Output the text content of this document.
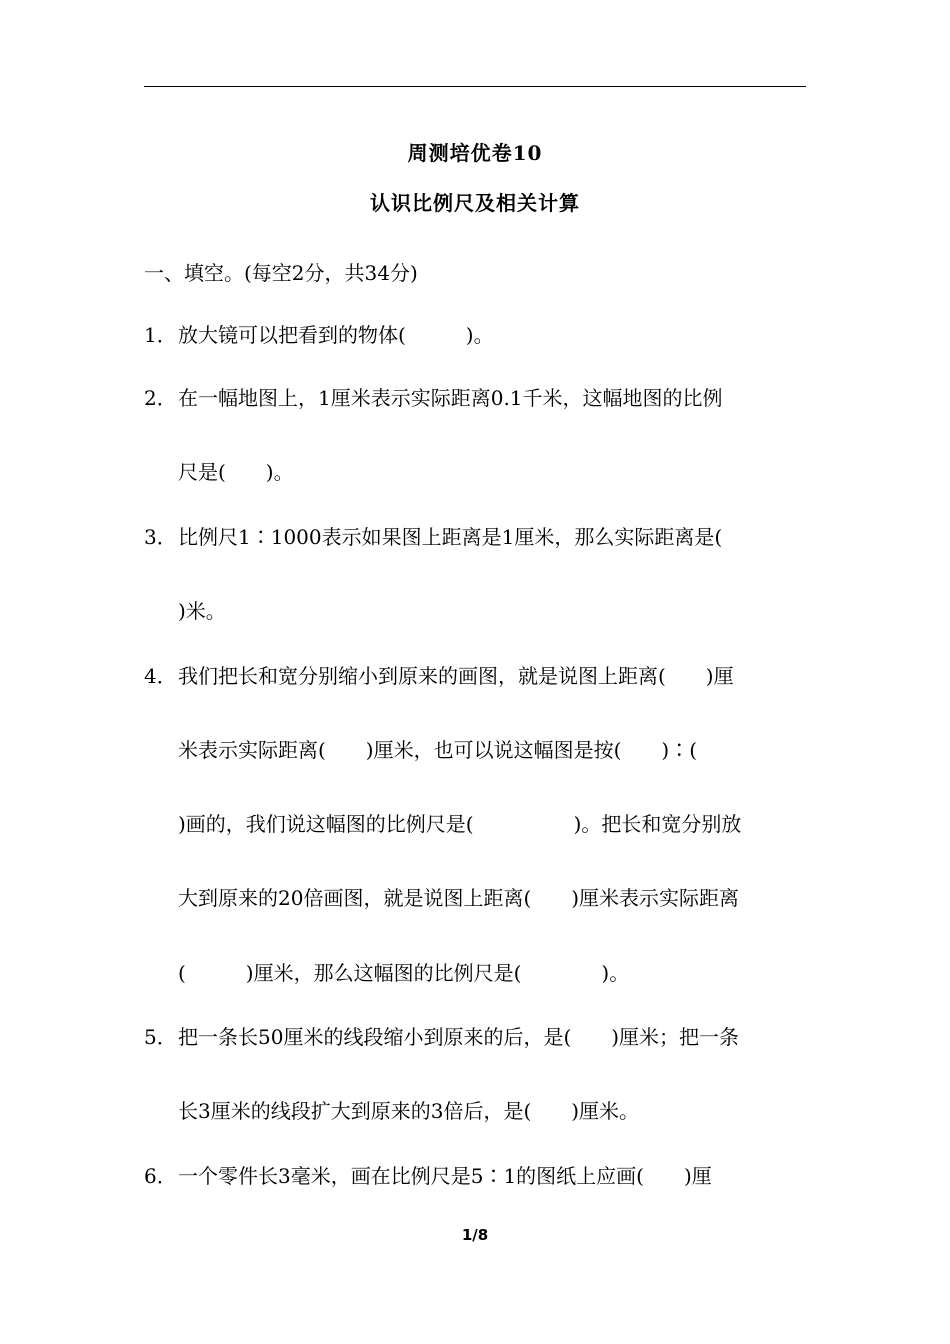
周测培优卷10
认识比例尺及相关计算
一、填空。(每空2分，共34分)
1． 放大镜可以把看到的物体(　　　)。
2． 在一幅地图上，1厘米表示实际距离0.1千米，这幅地图的比例
尺是(　　)。
3． 比例尺1∶1000表示如果图上距离是1厘米，那么实际距离是(
)米。
4． 我们把长和宽分别缩小到原来的画图，就是说图上距离(　　)厘
米表示实际距离(　　)厘米，也可以说这幅图是按(　　)∶(
)画的，我们说这幅图的比例尺是(　　　　　)。把长和宽分别放
大到原来的20倍画图，就是说图上距离(　　)厘米表示实际距离
(　　　)厘米，那么这幅图的比例尺是(　　　　)。
5． 把一条长50厘米的线段缩小到原来的后，是(　　)厘米；把一条
长3厘米的线段扩大到原来的3倍后，是(　　)厘米。
6． 一个零件长3毫米，画在比例尺是5∶1的图纸上应画(　　)厘
1/8
